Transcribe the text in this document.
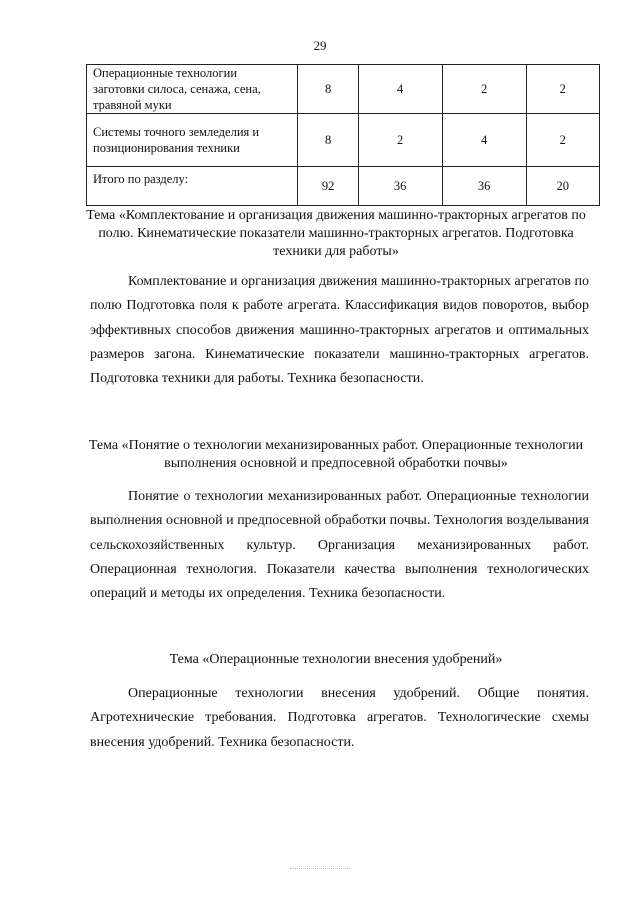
29
Операционные технологии заготовки силоса, сенажа, сена, травяной муки	8	4	2	2
Системы точного земледелия и позиционирования техники	8	2	4	2
Итого по разделу:	92	36	36	20
Тема «Комплектование и организация движения машинно-тракторных агрегатов по полю. Кинематические показатели машинно-тракторных агрегатов. Подготовка техники для работы»
Комплектование и организация движения машинно-тракторных агрегатов по полю Подготовка поля к работе агрегата. Классификация видов поворотов, выбор эффективных способов движения машинно-тракторных агрегатов и оптимальных размеров загона. Кинематические показатели машинно-тракторных агрегатов. Подготовка техники для работы. Техника безопасности.
Тема «Понятие о технологии механизированных работ. Операционные технологии выполнения основной и предпосевной обработки почвы»
Понятие о технологии механизированных работ. Операционные технологии выполнения основной и предпосевной обработки почвы. Технология возделывания сельскохозяйственных культур. Организация механизированных работ. Операционная технология. Показатели качества выполнения технологических операций и методы их определения. Техника безопасности.
Тема «Операционные технологии внесения удобрений»
Операционные технологии внесения удобрений. Общие понятия. Агротехнические требования. Подготовка агрегатов. Технологические схемы внесения удобрений. Техника безопасности.
